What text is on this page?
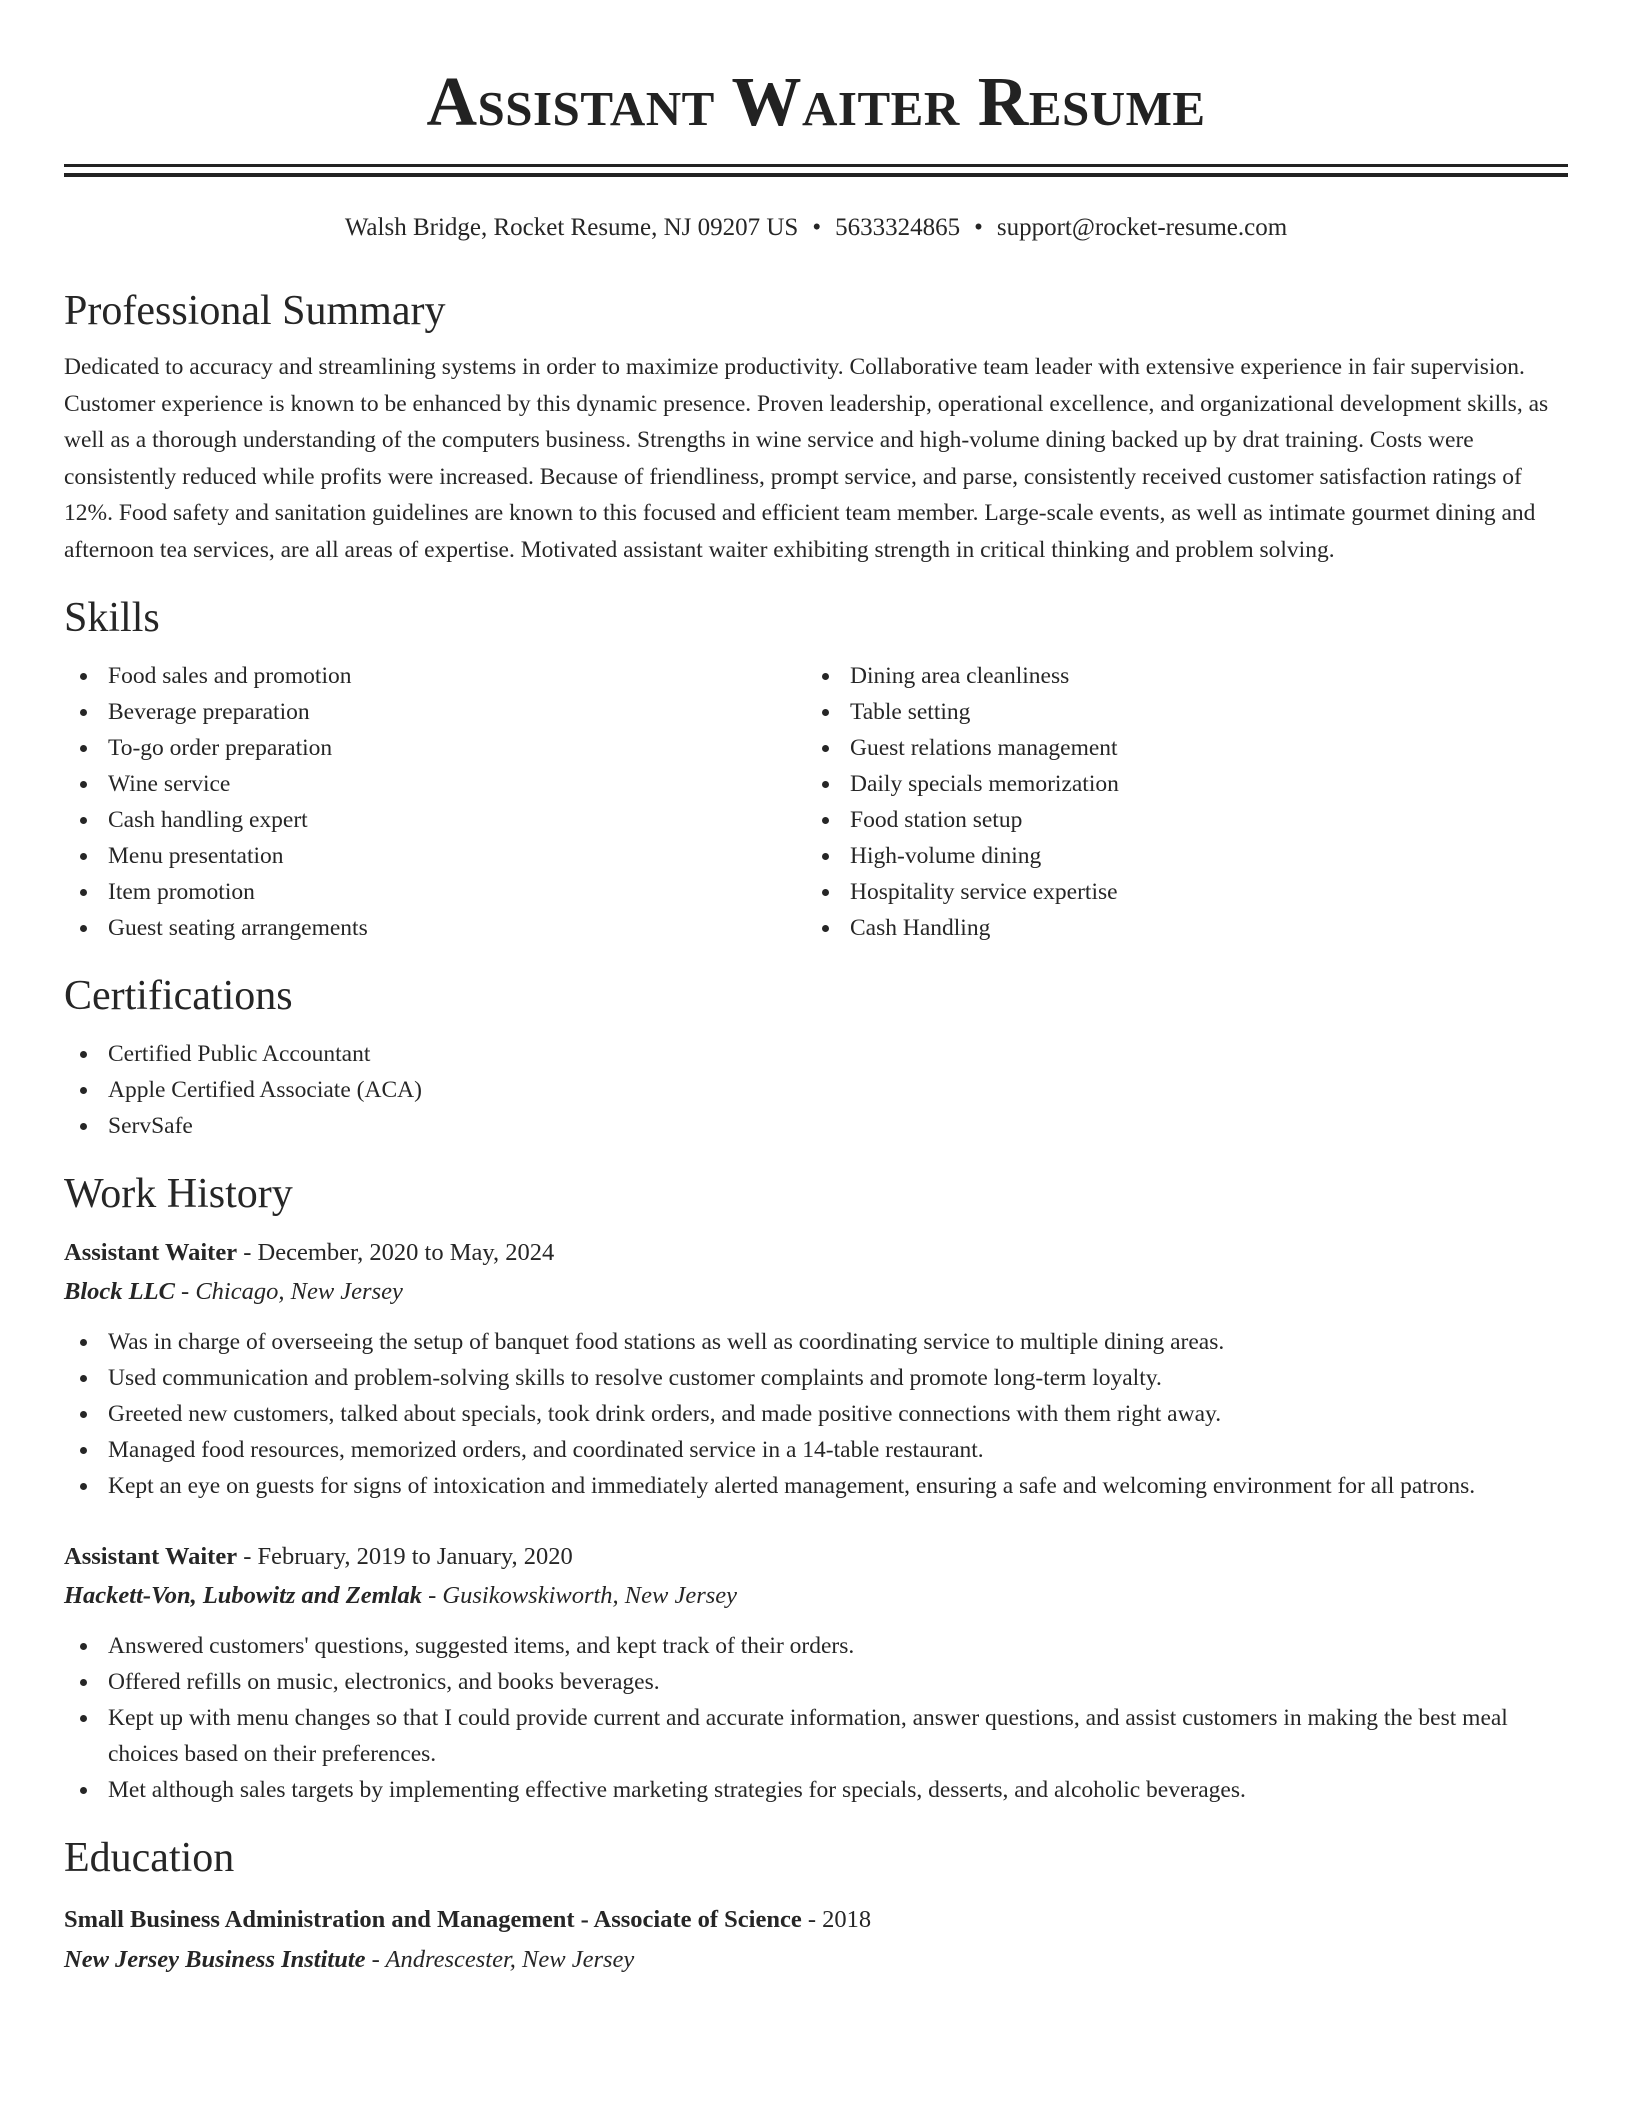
Assistant Waiter Resume
Walsh Bridge, Rocket Resume, NJ 09207 US • 5633324865 • support@rocket-resume.com
Professional Summary

Dedicated to accuracy and streamlining systems in order to maximize productivity. Collaborative team leader with extensive experience in fair supervision. Customer experience is known to be enhanced by this dynamic presence. Proven leadership, operational excellence, and organizational development skills, as well as a thorough understanding of the computers business. Strengths in wine service and high-volume dining backed up by drat training. Costs were consistently reduced while profits were increased. Because of friendliness, prompt service, and parse, consistently received customer satisfaction ratings of 12%. Food safety and sanitation guidelines are known to this focused and efficient team member. Large-scale events, as well as intimate gourmet dining and afternoon tea services, are all areas of expertise. Motivated assistant waiter exhibiting strength in critical thinking and problem solving.

Skills
Food sales and promotion
Beverage preparation
To-go order preparation
Wine service
Cash handling expert
Menu presentation
Item promotion
Guest seating arrangements
Dining area cleanliness
Table setting
Guest relations management
Daily specials memorization
Food station setup
High-volume dining
Hospitality service expertise
Cash Handling
Certifications
Certified Public Accountant
Apple Certified Associate (ACA)
ServSafe
Work History
Assistant Waiter - December, 2020 to May, 2024
Block LLC - Chicago, New Jersey
Was in charge of overseeing the setup of banquet food stations as well as coordinating service to multiple dining areas.
Used communication and problem-solving skills to resolve customer complaints and promote long-term loyalty.
Greeted new customers, talked about specials, took drink orders, and made positive connections with them right away.
Managed food resources, memorized orders, and coordinated service in a 14-table restaurant.
Kept an eye on guests for signs of intoxication and immediately alerted management, ensuring a safe and welcoming environment for all patrons.
Assistant Waiter - February, 2019 to January, 2020
Hackett-Von, Lubowitz and Zemlak - Gusikowskiworth, New Jersey
Answered customers' questions, suggested items, and kept track of their orders.
Offered refills on music, electronics, and books beverages.
Kept up with menu changes so that I could provide current and accurate information, answer questions, and assist customers in making the best meal choices based on their preferences.
Met although sales targets by implementing effective marketing strategies for specials, desserts, and alcoholic beverages.
Education
Small Business Administration and Management - Associate of Science - 2018
New Jersey Business Institute - Andrescester, New Jersey
